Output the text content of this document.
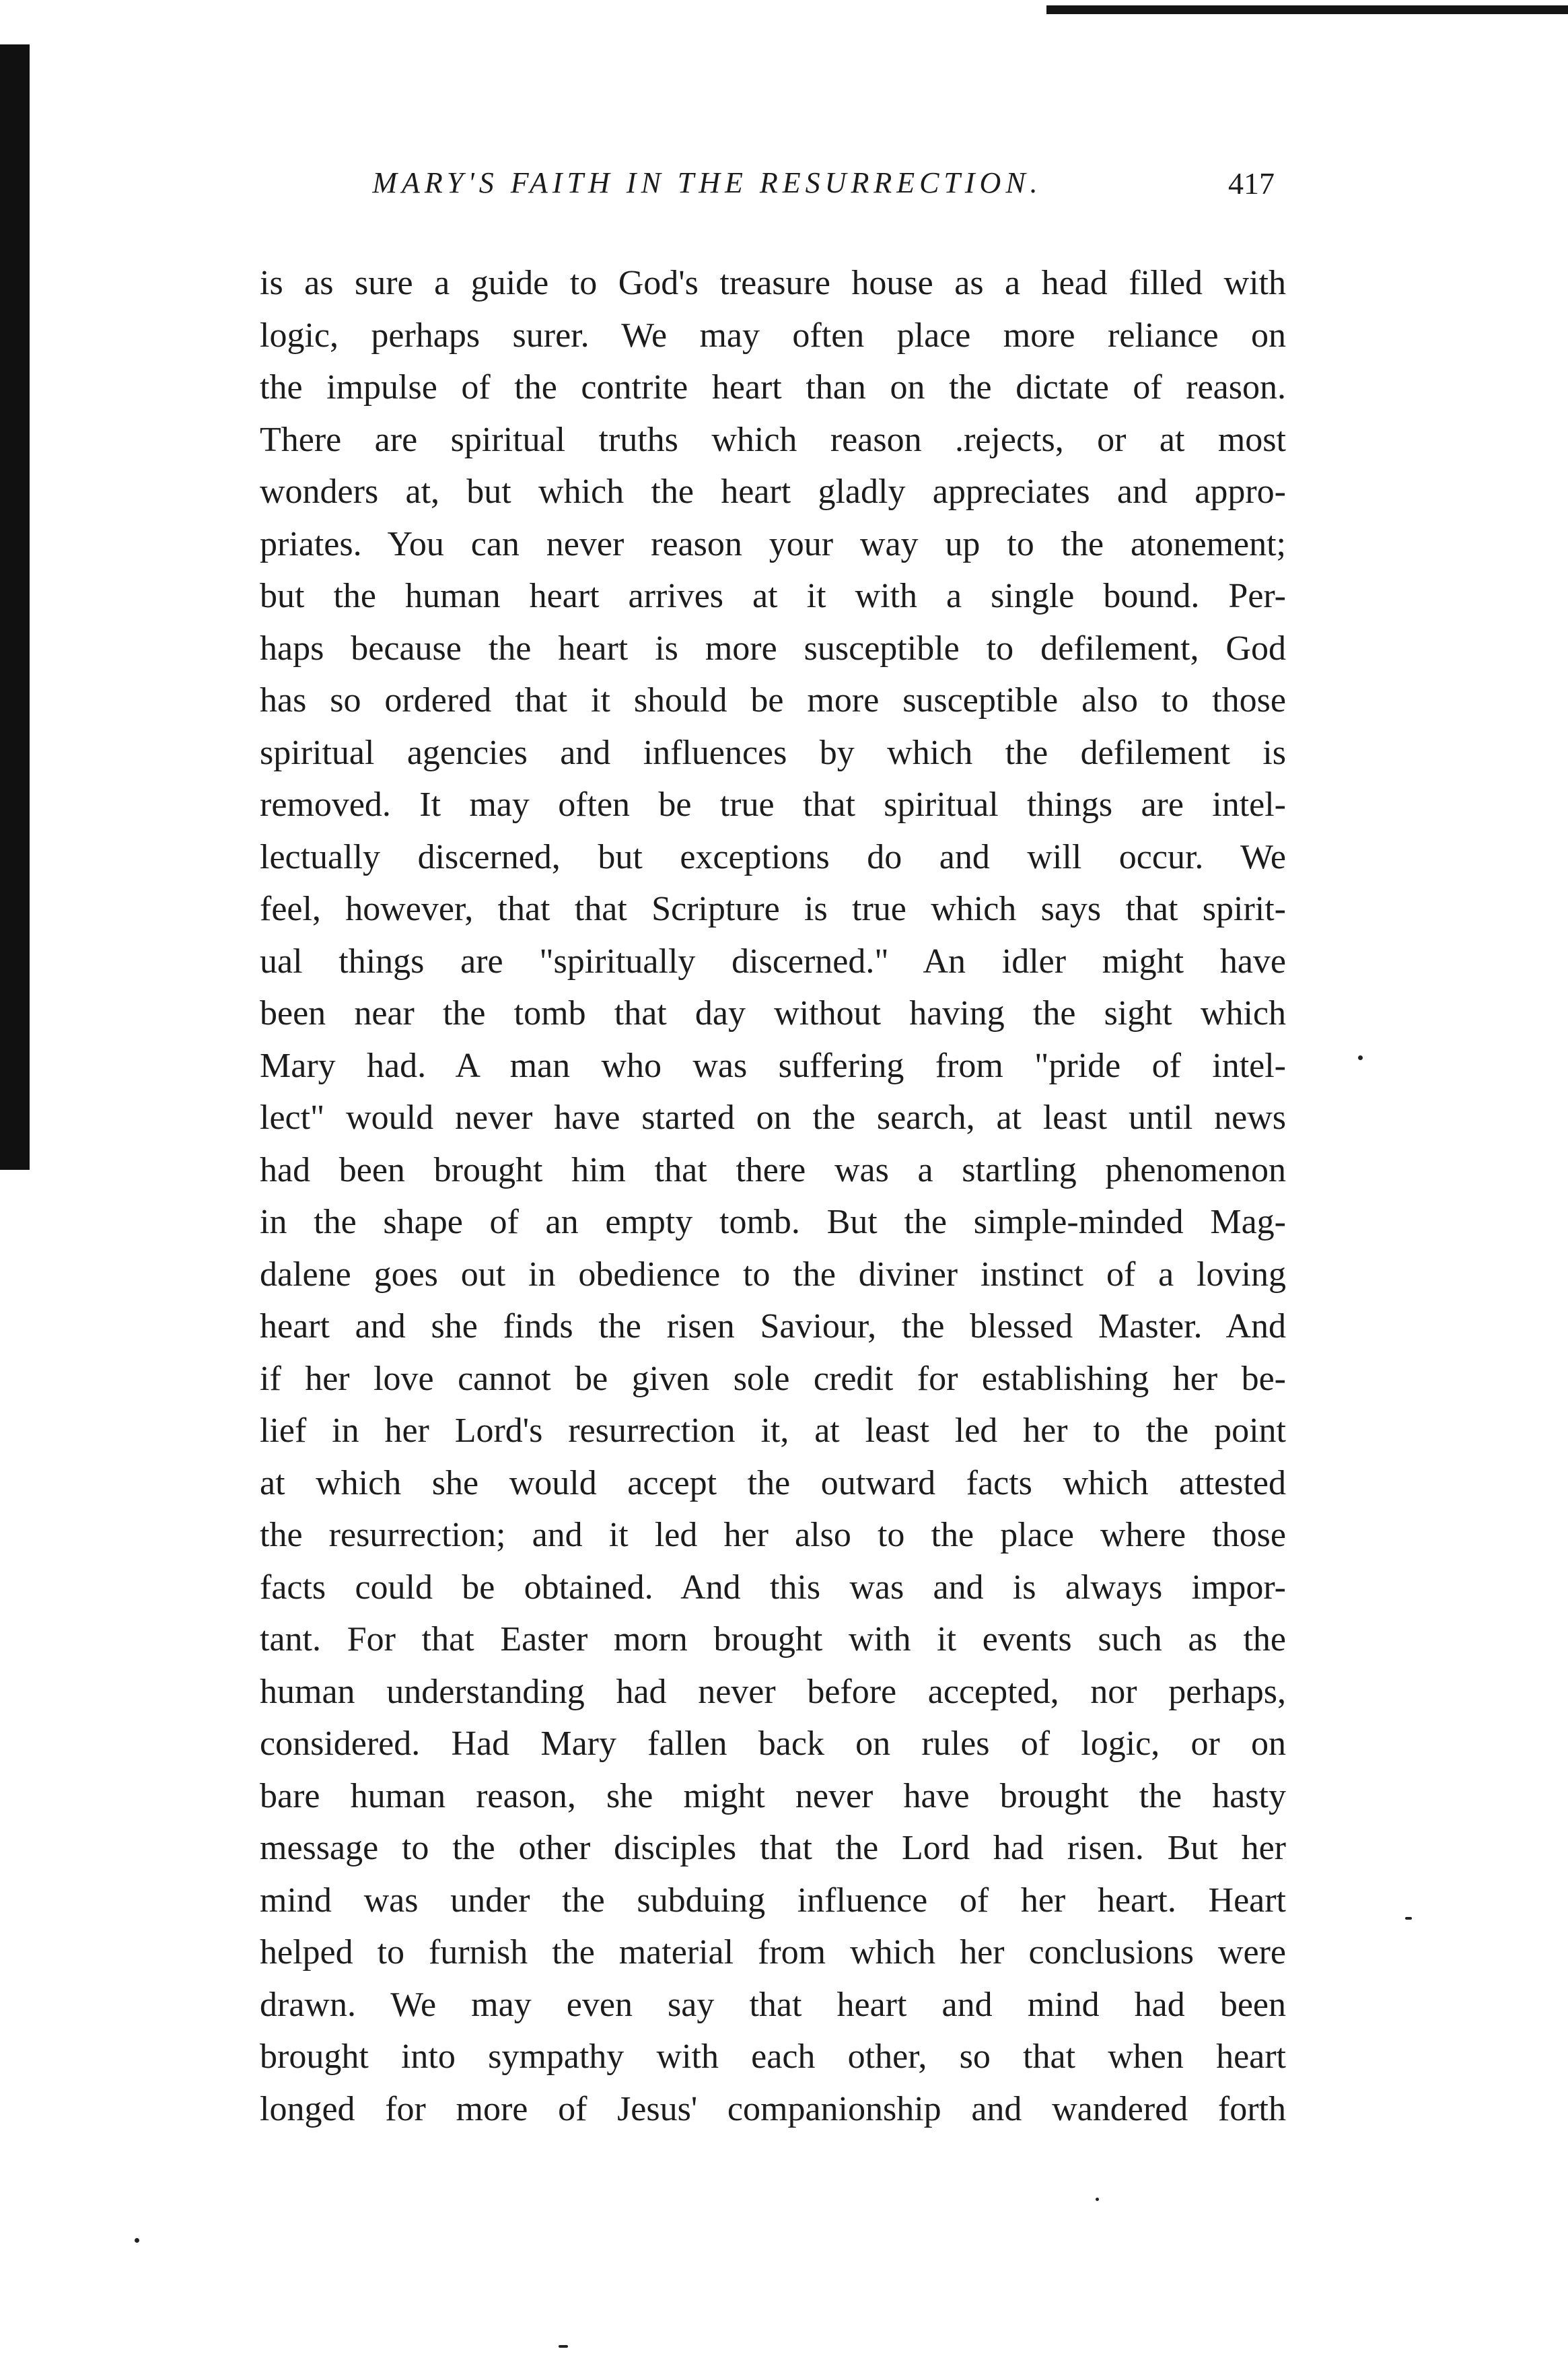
MARY'S FAITH IN THE RESURRECTION.	417
is as sure a guide to God's treasure house as a head filled with
logic, perhaps surer. We may often place more reliance on
the impulse of the contrite heart than on the dictate of reason.
There are spiritual truths which reason .rejects, or at most
wonders at, but which the heart gladly appreciates and appro-
priates. You can never reason your way up to the atonement;
but the human heart arrives at it with a single bound. Per-
haps because the heart is more susceptible to defilement, God
has so ordered that it should be more susceptible also to those
spiritual agencies and influences by which the defilement is
removed. It may often be true that spiritual things are intel-
lectually discerned, but exceptions do and will occur. We
feel, however, that that Scripture is true which says that spirit-
ual things are "spiritually discerned." An idler might have
been near the tomb that day without having the sight which
Mary had. A man who was suffering from "pride of intel-
lect" would never have started on the search, at least until news
had been brought him that there was a startling phenomenon
in the shape of an empty tomb. But the simple-minded Mag-
dalene goes out in obedience to the diviner instinct of a loving
heart and she finds the risen Saviour, the blessed Master. And
if her love cannot be given sole credit for establishing her be-
lief in her Lord's resurrection it, at least led her to the point
at which she would accept the outward facts which attested
the resurrection; and it led her also to the place where those
facts could be obtained. And this was and is always impor-
tant. For that Easter morn brought with it events such as the
human understanding had never before accepted, nor perhaps,
considered. Had Mary fallen back on rules of logic, or on
bare human reason, she might never have brought the hasty
message to the other disciples that the Lord had risen. But her
mind was under the subduing influence of her heart. Heart
helped to furnish the material from which her conclusions were
drawn. We may even say that heart and mind had been
brought into sympathy with each other, so that when heart
longed for more of Jesus' companionship and wandered forth
